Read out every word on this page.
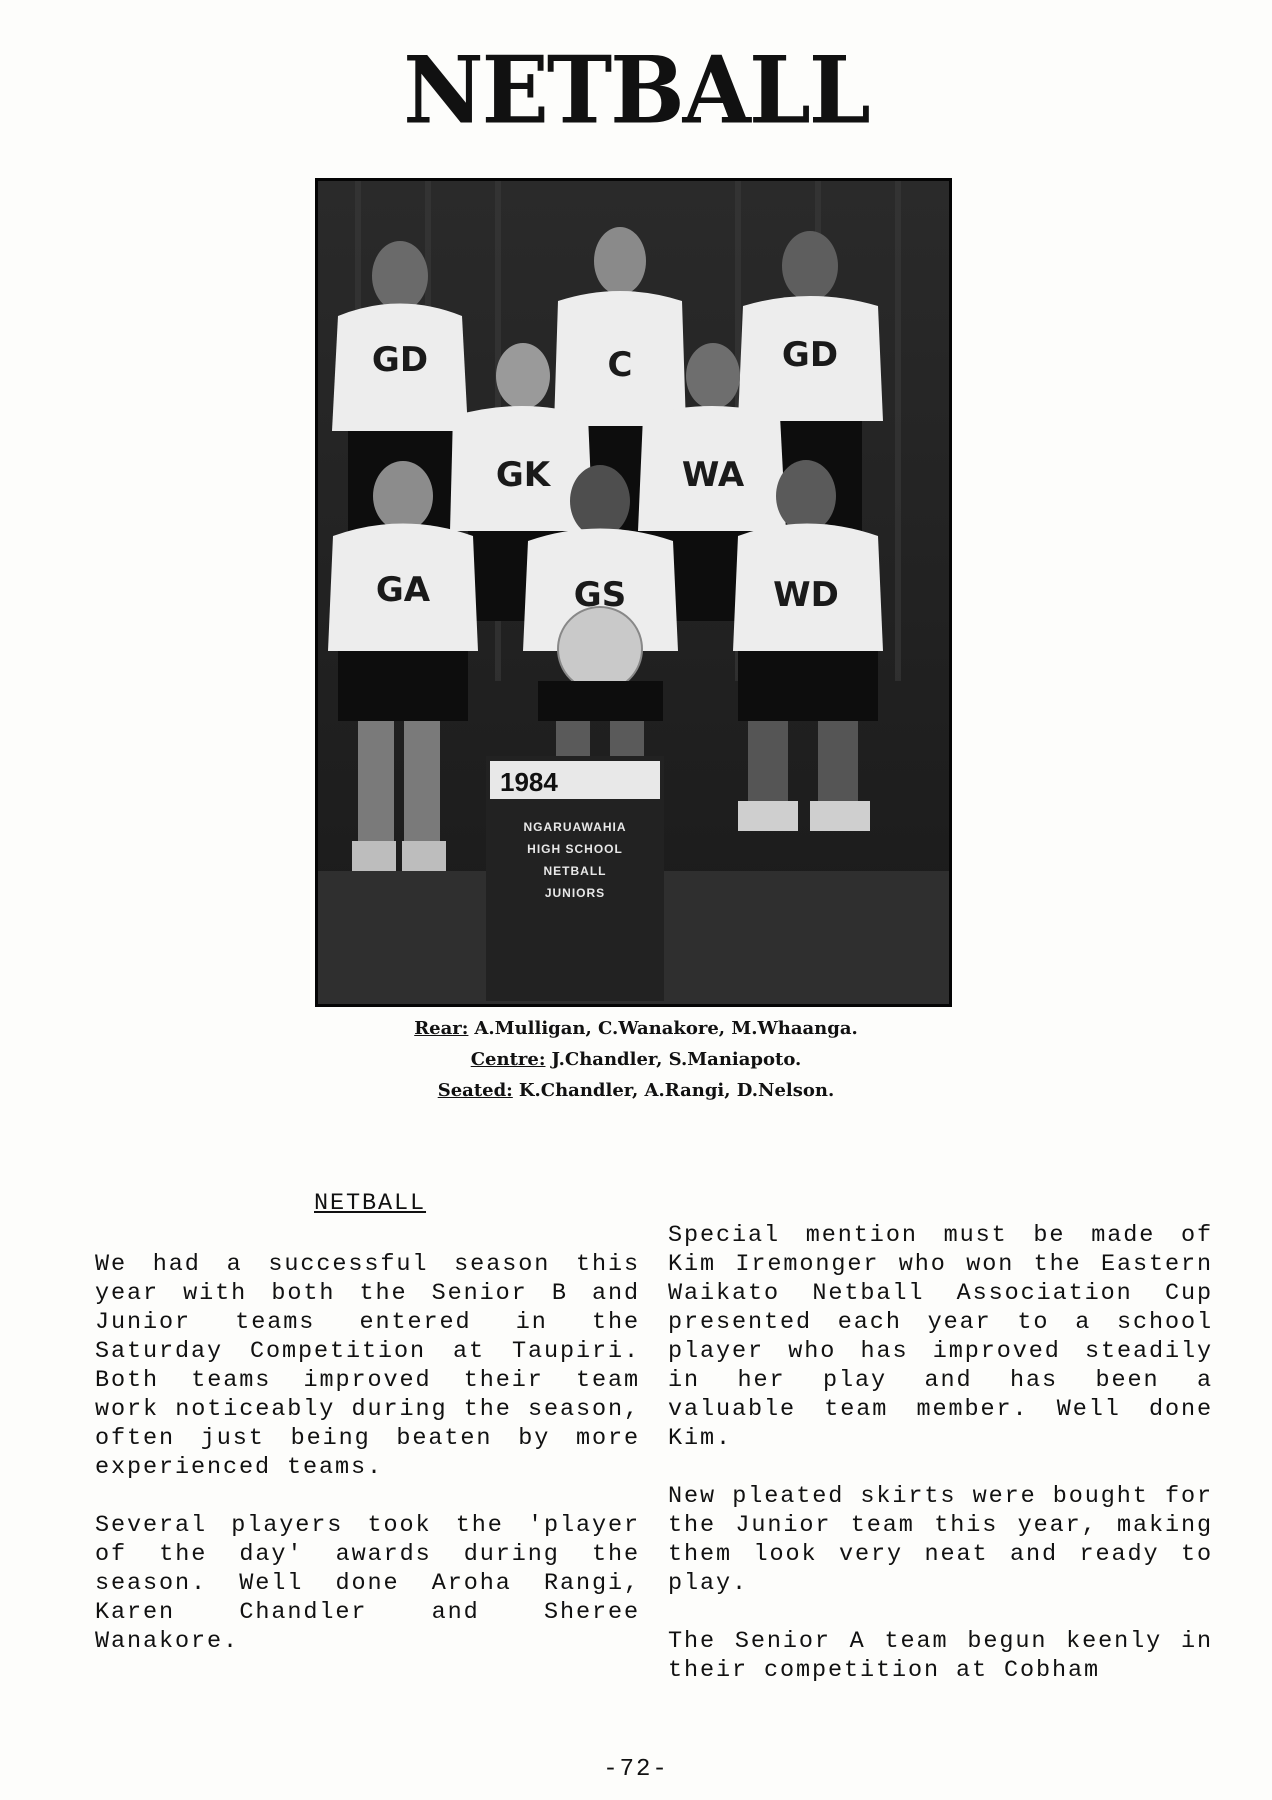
NETBALL
GD	C	GD
GK	WA
GA	GS	WD
1984
NGARUAWAHIA
HIGH SCHOOL
NETBALL
JUNIORS
Rear: A.Mulligan, C.Wanakore, M.Whaanga.
Centre: J.Chandler, S.Maniapoto.
Seated: K.Chandler, A.Rangi, D.Nelson.
NETBALL

We had a successful season this year with both the Senior B and Junior teams entered in the Saturday Competition at Taupiri. Both teams improved their team work noticeably during the season, often just being beaten by more experienced teams.

Several players took the 'player of the day' awards during the season. Well done Aroha Rangi, Karen Chandler and Sheree Wanakore.

Special mention must be made of Kim Iremonger who won the Eastern Waikato Netball Association Cup presented each year to a school player who has improved steadily in her play and has been a valuable team member. Well done Kim.

New pleated skirts were bought for the Junior team this year, making them look very neat and ready to play.

The Senior A team begun keenly in their competition at Cobham

-72-
